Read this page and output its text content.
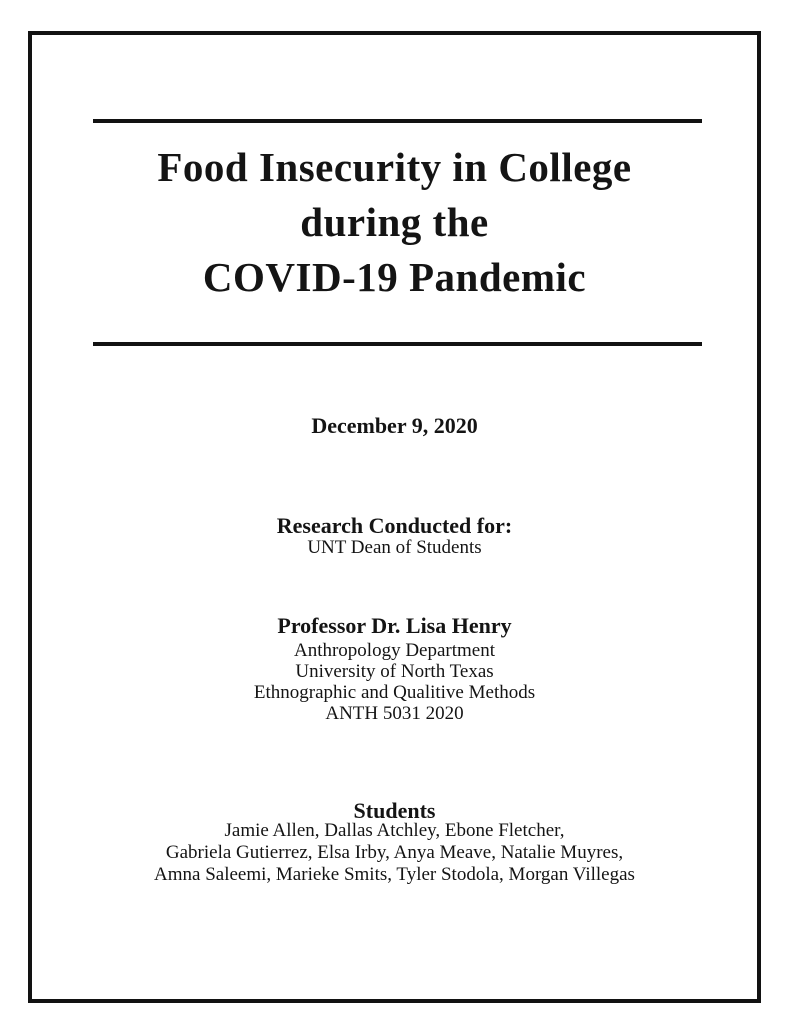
Food Insecurity in College
during the
COVID-19 Pandemic

December 9, 2020

Research Conducted for:

UNT Dean of Students

Professor Dr. Lisa Henry
Anthropology Department
University of North Texas
Ethnographic and Qualitive Methods
ANTH 5031 2020
Students
Jamie Allen, Dallas Atchley, Ebone Fletcher,
Gabriela Gutierrez, Elsa Irby, Anya Meave, Natalie Muyres,
Amna Saleemi, Marieke Smits, Tyler Stodola, Morgan Villegas
